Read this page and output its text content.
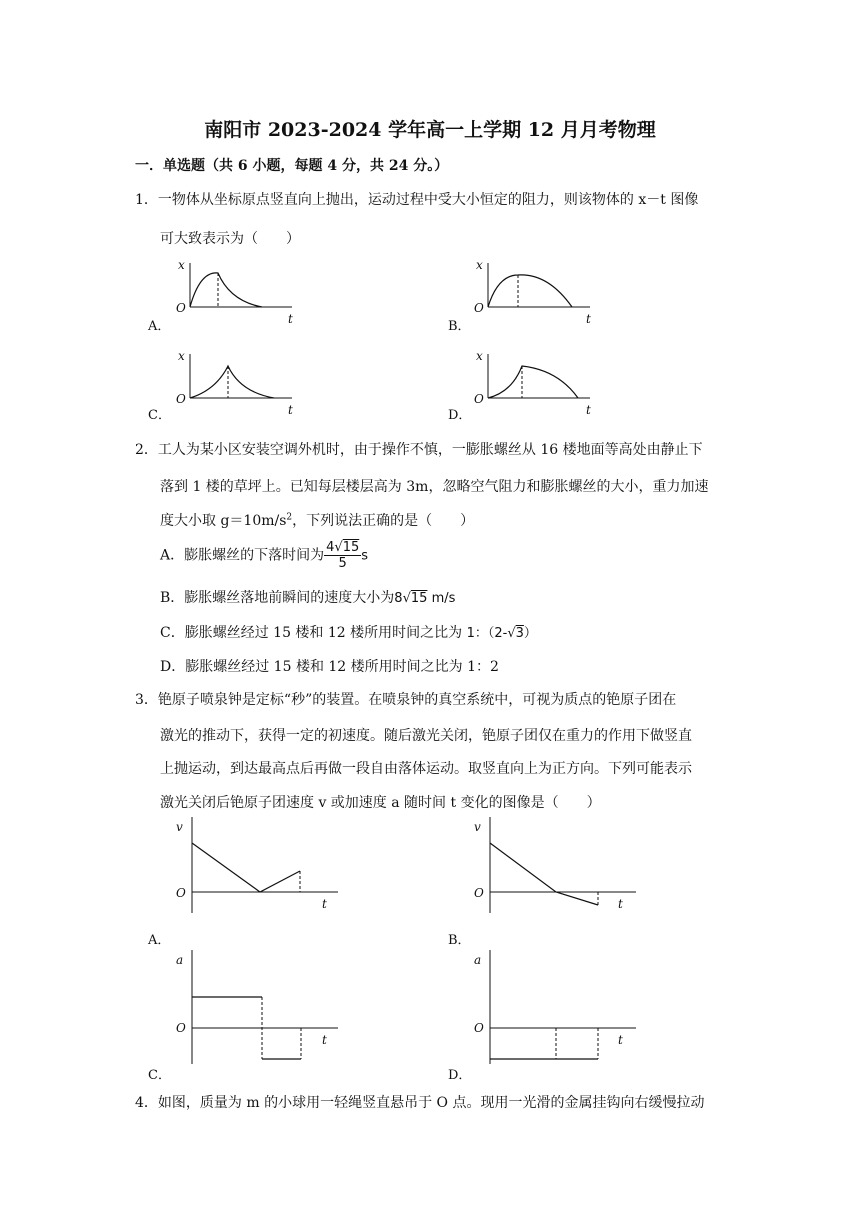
南阳市 2023-2024 学年高一上学期 12 月月考物理
一．单选题（共 6 小题，每题 4 分，共 24 分。）
1．一物体从坐标原点竖直向上抛出，运动过程中受大小恒定的阻力，则该物体的 x－t 图像
可大致表示为（　　）
x
t
O
A．
x
t
O
B．
x
t
O
C．
x
t
O
D．
2．工人为某小区安装空调外机时，由于操作不慎，一膨胀螺丝从 16 楼地面等高处由静止下
落到 1 楼的草坪上。已知每层楼层高为 3m，忽略空气阻力和膨胀螺丝的大小，重力加速
度大小取 $g=10m/s^2$，下列说法正确的是（　　）
A．膨胀螺丝的下落时间为 $\frac{4√15}{5}$ s
B．膨胀螺丝落地前瞬间的速度大小为8√15 m/s
C．膨胀螺丝经过 15 楼和 12 楼所用时间之比为 1：（2-√3）
D．膨胀螺丝经过 15 楼和 12 楼所用时间之比为 1：2
3．铯原子喷泉钟是定标“秒”的装置。在喷泉钟的真空系统中，可视为质点的铯原子团在
激光的推动下，获得一定的初速度。随后激光关闭，铯原子团仅在重力的作用下做竖直
上抛运动，到达最高点后再做一段自由落体运动。取竖直向上为正方向。下列可能表示
激光关闭后铯原子团速度 v 或加速度 a 随时间 t 变化的图像是（　　）
v
t
O
A．
v
t
O
B．
a
t
O
C．
a
t
O
D．
4．如图，质量为 m 的小球用一轻绳竖直悬吊于 O 点。现用一光滑的金属挂钩向右缓慢拉动
